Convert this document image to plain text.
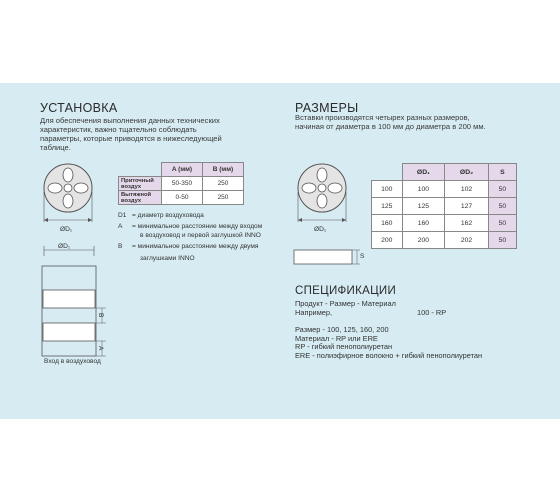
УСТАНОВКА
Для обеспечения выполнения данных технических
характеристик, важно тщательно соблюдать
параметры, которые приводятся в нижеследующей
таблице.
ØD₁
	A (мм)	B (мм)
Приточный воздух	50-350	250
Вытяжной воздух	0-50	250
D1 = диаметр воздуховода
A = минимальное расстояние между входом
в воздуховод и первой заглушкой INNO
B = минимальное расстояние между двумя
заглушками INNO
ØD₁
B
A
Вход в воздуховод
РАЗМЕРЫ
Вставки производятся четырех разных размеров,
начиная от диаметра в 100 мм до диаметра в 200 мм.
ØD₁
S
	ØD₁	ØD₂	S
100	100	102	50
125	125	127	50
160	160	162	50
200	200	202	50
СПЕЦИФИКАЦИИ
Продукт - Размер - Материал
Например,	100 - RP
Размер - 100, 125, 160, 200
Материал - RP или ERE
RP - гибкий пенополиуретан
ERE - полиэфирное волокно + гибкий пенополиуретан
